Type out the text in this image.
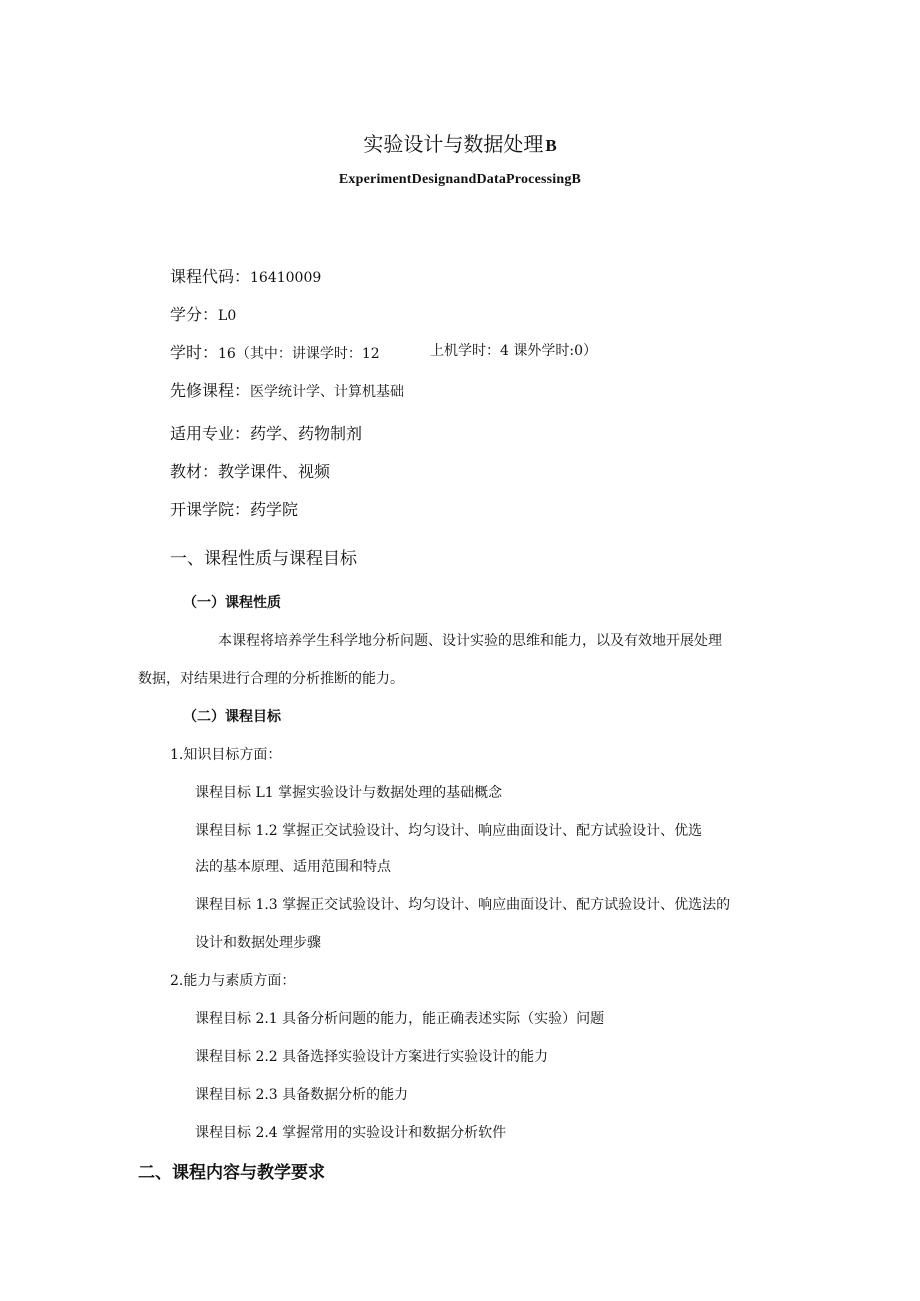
实验设计与数据处理 B
ExperimentDesignandDataProcessingB
课程代码：16410009
学分：L0
学时：16（其中：讲课学时：12	上机学时：4 课外学时:0）
先修课程：医学统计学、计算机基础
适用专业：药学、药物制剂
教材：教学课件、视频
开课学院：药学院
一、课程性质与课程目标
（一）课程性质
本课程将培养学生科学地分析问题、设计实验的思维和能力，以及有效地开展处理
数据，对结果进行合理的分析推断的能力。
（二）课程目标
1.知识目标方面：
课程目标 L1 掌握实验设计与数据处理的基础概念
课程目标 1.2 掌握正交试验设计、均匀设计、响应曲面设计、配方试验设计、优选
法的基本原理、适用范围和特点
课程目标 1.3 掌握正交试验设计、均匀设计、响应曲面设计、配方试验设计、优选法的
设计和数据处理步骤
2.能力与素质方面：
课程目标 2.1 具备分析问题的能力，能正确表述实际（实验）问题
课程目标 2.2 具备选择实验设计方案进行实验设计的能力
课程目标 2.3 具备数据分析的能力
课程目标 2.4 掌握常用的实验设计和数据分析软件
二、课程内容与教学要求
